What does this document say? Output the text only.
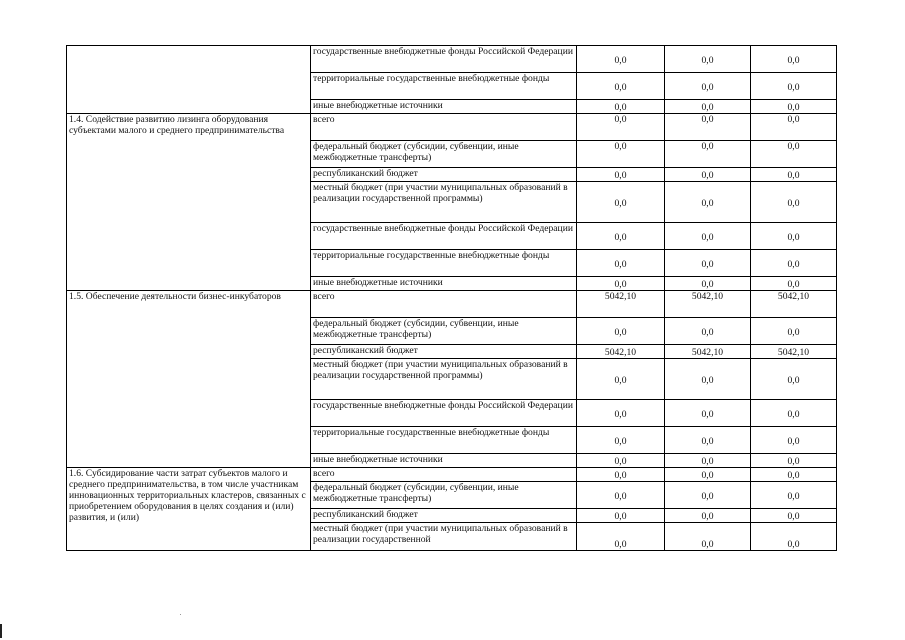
	государственные внебюджетные фонды Российской Федерации	0,0	0,0	0,0
	территориальные государственные внебюджетные фонды	0,0	0,0	0,0
	иные внебюджетные источники	0,0	0,0	0,0
1.4. Содействие развитию лизинга оборудования субъектами малого и среднего предпринимательства	всего	0,0	0,0	0,0
	федеральный бюджет (субсидии, субвенции, иные межбюджетные трансферты)	0,0	0,0	0,0
	республиканский бюджет	0,0	0,0	0,0
	местный бюджет (при участии муниципальных образований в реализации государственной программы)	0,0	0,0	0,0
	государственные внебюджетные фонды Российской Федерации	0,0	0,0	0,0
	территориальные государственные внебюджетные фонды	0,0	0,0	0,0
	иные внебюджетные источники	0,0	0,0	0,0
1.5. Обеспечение деятельности бизнес-инкубаторов	всего	5042,10	5042,10	5042,10
	федеральный бюджет (субсидии, субвенции, иные межбюджетные трансферты)	0,0	0,0	0,0
	республиканский бюджет	5042,10	5042,10	5042,10
	местный бюджет (при участии муниципальных образований в реализации государственной программы)	0,0	0,0	0,0
	государственные внебюджетные фонды Российской Федерации	0,0	0,0	0,0
	территориальные государственные внебюджетные фонды	0,0	0,0	0,0
	иные внебюджетные источники	0,0	0,0	0,0
1.6. Субсидирование части затрат субъектов малого и среднего предпринимательства, в том числе участникам инновационных территориальных кластеров, связанных с приобретением оборудования в целях создания и (или) развития, и (или)	всего	0,0	0,0	0,0
	федеральный бюджет (субсидии, субвенции, иные межбюджетные трансферты)	0,0	0,0	0,0
	республиканский бюджет	0,0	0,0	0,0
	местный бюджет (при участии муниципальных образований в реализации государственной	0,0	0,0	0,0
